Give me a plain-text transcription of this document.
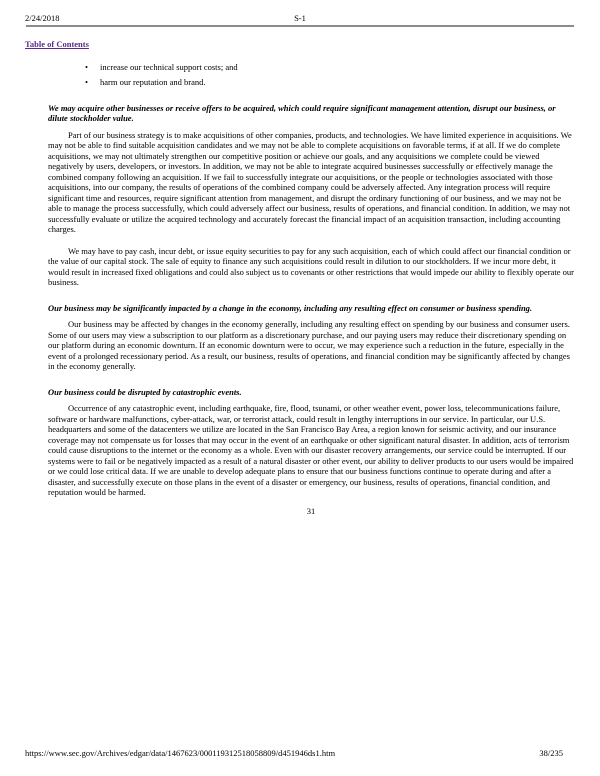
2/24/2018	S-1
Table of Contents
•	increase our technical support costs; and
•	harm our reputation and brand.
We may acquire other businesses or receive offers to be acquired, which could require significant management attention, disrupt our business, or dilute stockholder value.
Part of our business strategy is to make acquisitions of other companies, products, and technologies. We have limited experience in acquisitions. We may not be able to find suitable acquisition candidates and we may not be able to complete acquisitions on favorable terms, if at all. If we do complete acquisitions, we may not ultimately strengthen our competitive position or achieve our goals, and any acquisitions we complete could be viewed negatively by users, developers, or investors. In addition, we may not be able to integrate acquired businesses successfully or effectively manage the combined company following an acquisition. If we fail to successfully integrate our acquisitions, or the people or technologies associated with those acquisitions, into our company, the results of operations of the combined company could be adversely affected. Any integration process will require significant time and resources, require significant attention from management, and disrupt the ordinary functioning of our business, and we may not be able to manage the process successfully, which could adversely affect our business, results of operations, and financial condition. In addition, we may not successfully evaluate or utilize the acquired technology and accurately forecast the financial impact of an acquisition transaction, including accounting charges.
We may have to pay cash, incur debt, or issue equity securities to pay for any such acquisition, each of which could affect our financial condition or the value of our capital stock. The sale of equity to finance any such acquisitions could result in dilution to our stockholders. If we incur more debt, it would result in increased fixed obligations and could also subject us to covenants or other restrictions that would impede our ability to flexibly operate our business.
Our business may be significantly impacted by a change in the economy, including any resulting effect on consumer or business spending.
Our business may be affected by changes in the economy generally, including any resulting effect on spending by our business and consumer users. Some of our users may view a subscription to our platform as a discretionary purchase, and our paying users may reduce their discretionary spending on our platform during an economic downturn. If an economic downturn were to occur, we may experience such a reduction in the future, especially in the event of a prolonged recessionary period. As a result, our business, results of operations, and financial condition may be significantly affected by changes in the economy generally.
Our business could be disrupted by catastrophic events.
Occurrence of any catastrophic event, including earthquake, fire, flood, tsunami, or other weather event, power loss, telecommunications failure, software or hardware malfunctions, cyber-attack, war, or terrorist attack, could result in lengthy interruptions in our service. In particular, our U.S. headquarters and some of the datacenters we utilize are located in the San Francisco Bay Area, a region known for seismic activity, and our insurance coverage may not compensate us for losses that may occur in the event of an earthquake or other significant natural disaster. In addition, acts of terrorism could cause disruptions to the internet or the economy as a whole. Even with our disaster recovery arrangements, our service could be interrupted. If our systems were to fail or be negatively impacted as a result of a natural disaster or other event, our ability to deliver products to our users would be impaired or we could lose critical data. If we are unable to develop adequate plans to ensure that our business functions continue to operate during and after a disaster, and successfully execute on those plans in the event of a disaster or emergency, our business, results of operations, financial condition, and reputation would be harmed.
31
https://www.sec.gov/Archives/edgar/data/1467623/000119312518058809/d451946ds1.htm	38/235
